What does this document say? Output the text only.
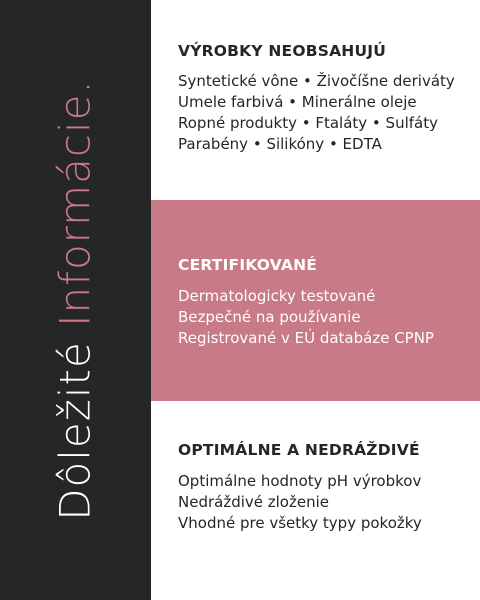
Dôležité Informácie.
VÝROBKY NEOBSAHUJÚ
Syntetické vône • Živočíšne deriváty
Umele farbivá • Minerálne oleje
Ropné produkty • Ftaláty • Sulfáty
Parabény • Silikóny • EDTA
CERTIFIKOVANÉ
Dermatologicky testované
Bezpečné na používanie
Registrované v EÚ databáze CPNP
OPTIMÁLNE A NEDRÁŽDIVÉ
Optimálne hodnoty pH výrobkov
Nedráždivé zloženie
Vhodné pre všetky typy pokožky
